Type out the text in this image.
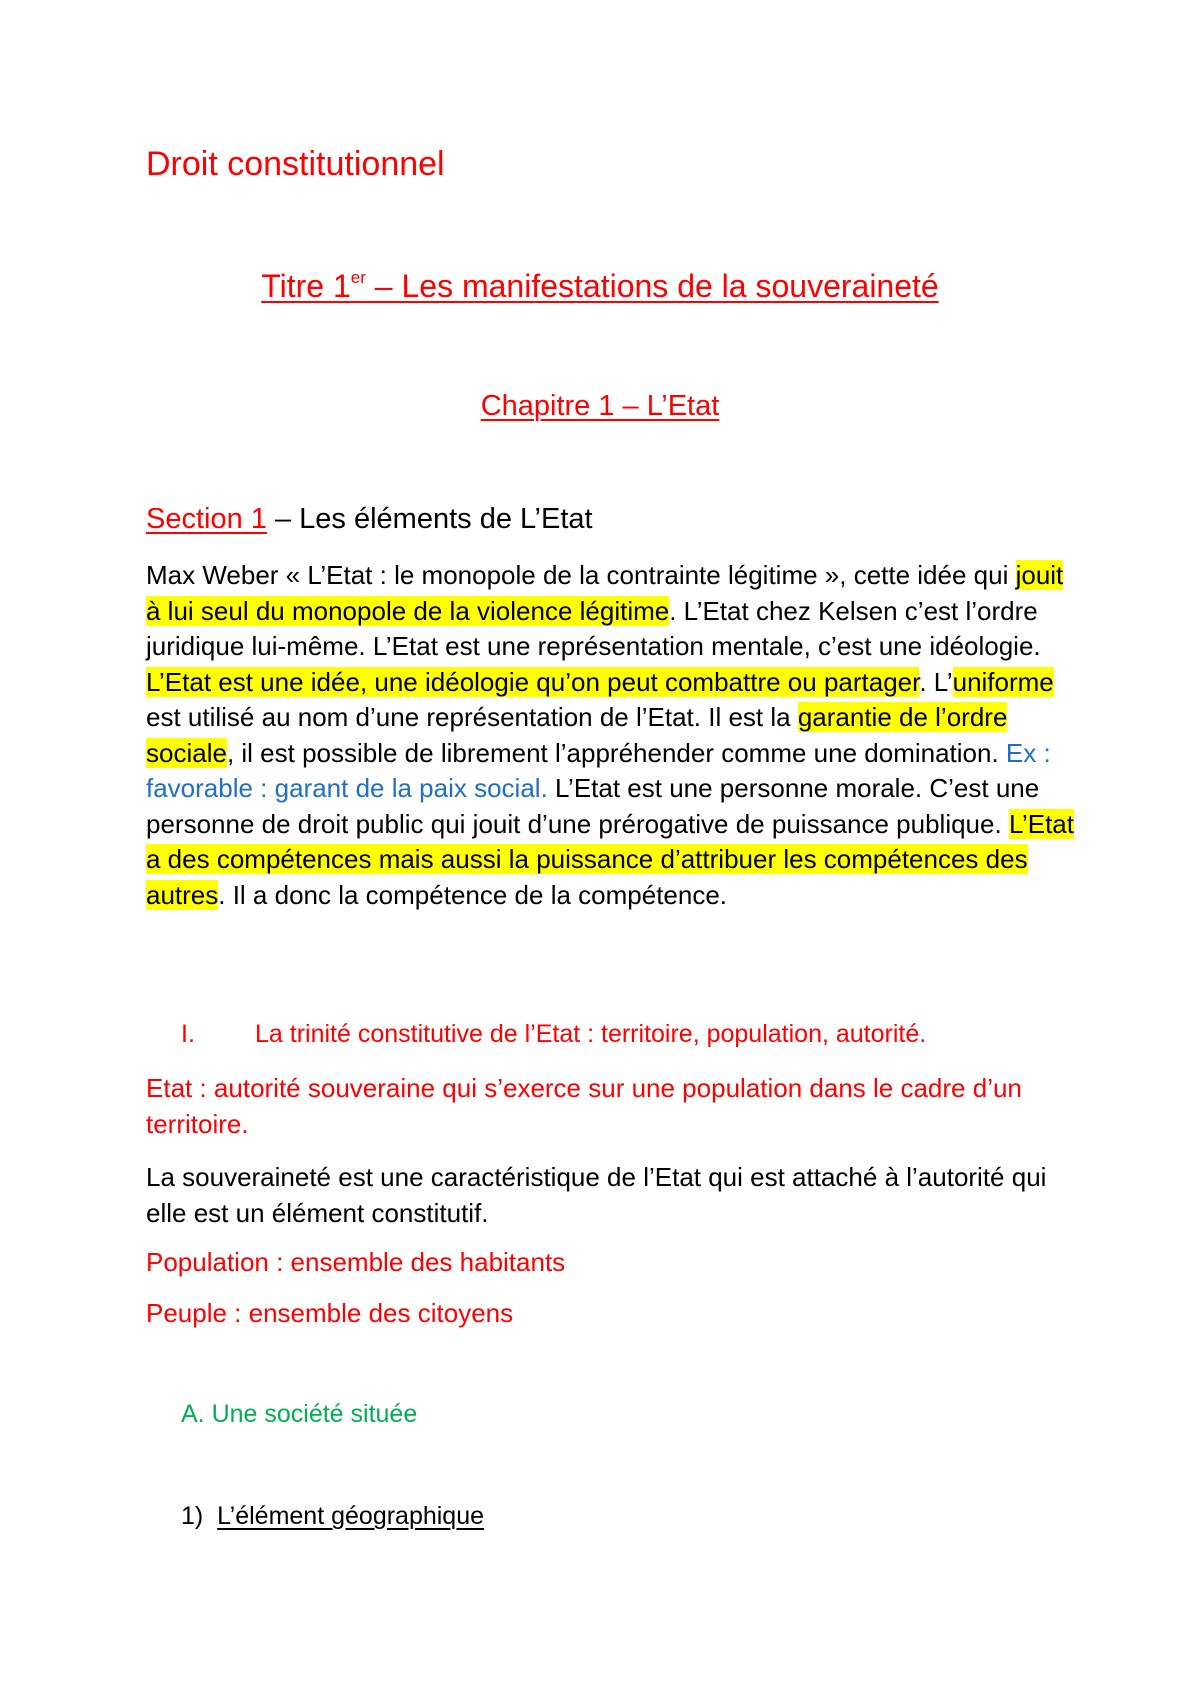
Droit constitutionnel
Titre 1er – Les manifestations de la souveraineté
Chapitre 1 – L’Etat
Section 1 – Les éléments de L’Etat
Max Weber « L’Etat : le monopole de la contrainte légitime », cette idée qui jouit à lui seul du monopole de la violence légitime. L’Etat chez Kelsen c’est l’ordre juridique lui-même. L’Etat est une représentation mentale, c’est une idéologie. L’Etat est une idée, une idéologie qu’on peut combattre ou partager. L’uniforme est utilisé au nom d’une représentation de l’Etat. Il est la garantie de l’ordre sociale, il est possible de librement l’appréhender comme une domination. Ex : favorable : garant de la paix social. L’Etat est une personne morale. C’est une personne de droit public qui jouit d’une prérogative de puissance publique. L’Etat a des compétences mais aussi la puissance d’attribuer les compétences des autres. Il a donc la compétence de la compétence.
I. La trinité constitutive de l’Etat : territoire, population, autorité.
Etat : autorité souveraine qui s’exerce sur une population dans le cadre d’un territoire.
La souveraineté est une caractéristique de l’Etat qui est attaché à l’autorité qui elle est un élément constitutif.
Population : ensemble des habitants
Peuple : ensemble des citoyens
A. Une société située
1) L’élément géographique
